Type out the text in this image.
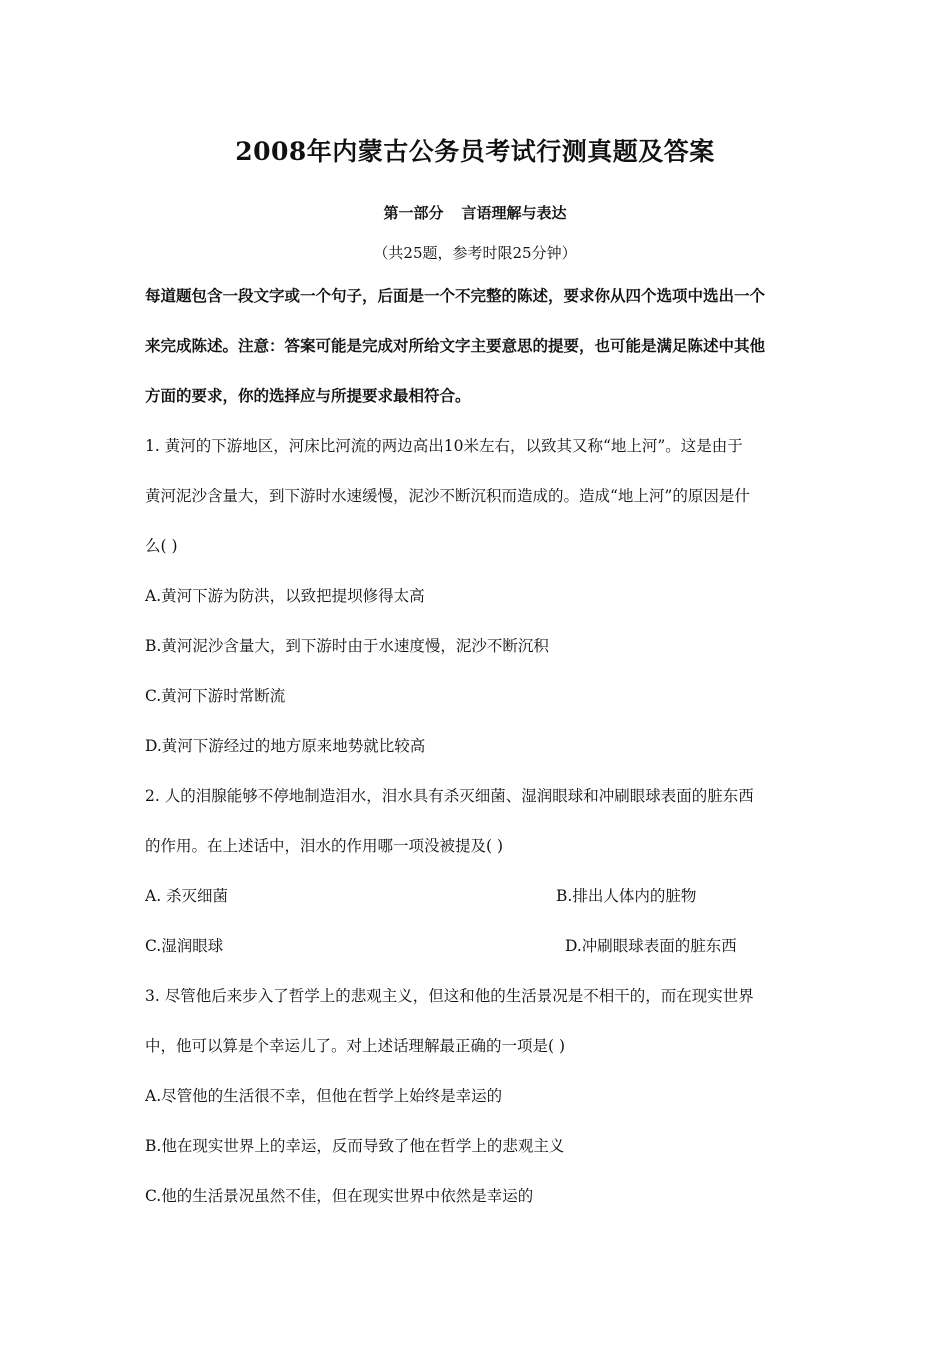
2008年内蒙古公务员考试行测真题及答案
第一部分 言语理解与表达
（共25题，参考时限25分钟）
每道题包含一段文字或一个句子，后面是一个不完整的陈述，要求你从四个选项中选出一个
来完成陈述。注意：答案可能是完成对所给文字主要意思的提要，也可能是满足陈述中其他
方面的要求，你的选择应与所提要求最相符合。
1. 黄河的下游地区，河床比河流的两边高出10米左右，以致其又称“地上河”。这是由于
黄河泥沙含量大，到下游时水速缓慢，泥沙不断沉积而造成的。造成“地上河”的原因是什
么( )
A.黄河下游为防洪，以致把提坝修得太高
B.黄河泥沙含量大，到下游时由于水速度慢，泥沙不断沉积
C.黄河下游时常断流
D.黄河下游经过的地方原来地势就比较高
2. 人的泪腺能够不停地制造泪水，泪水具有杀灭细菌、湿润眼球和冲刷眼球表面的脏东西
的作用。在上述话中，泪水的作用哪一项没被提及( )
A. 杀灭细菌	B.排出人体内的脏物
C.湿润眼球	D.冲刷眼球表面的脏东西
3. 尽管他后来步入了哲学上的悲观主义，但这和他的生活景况是不相干的，而在现实世界
中，他可以算是个幸运儿了。对上述话理解最正确的一项是( )
A.尽管他的生活很不幸，但他在哲学上始终是幸运的
B.他在现实世界上的幸运，反而导致了他在哲学上的悲观主义
C.他的生活景况虽然不佳，但在现实世界中依然是幸运的
